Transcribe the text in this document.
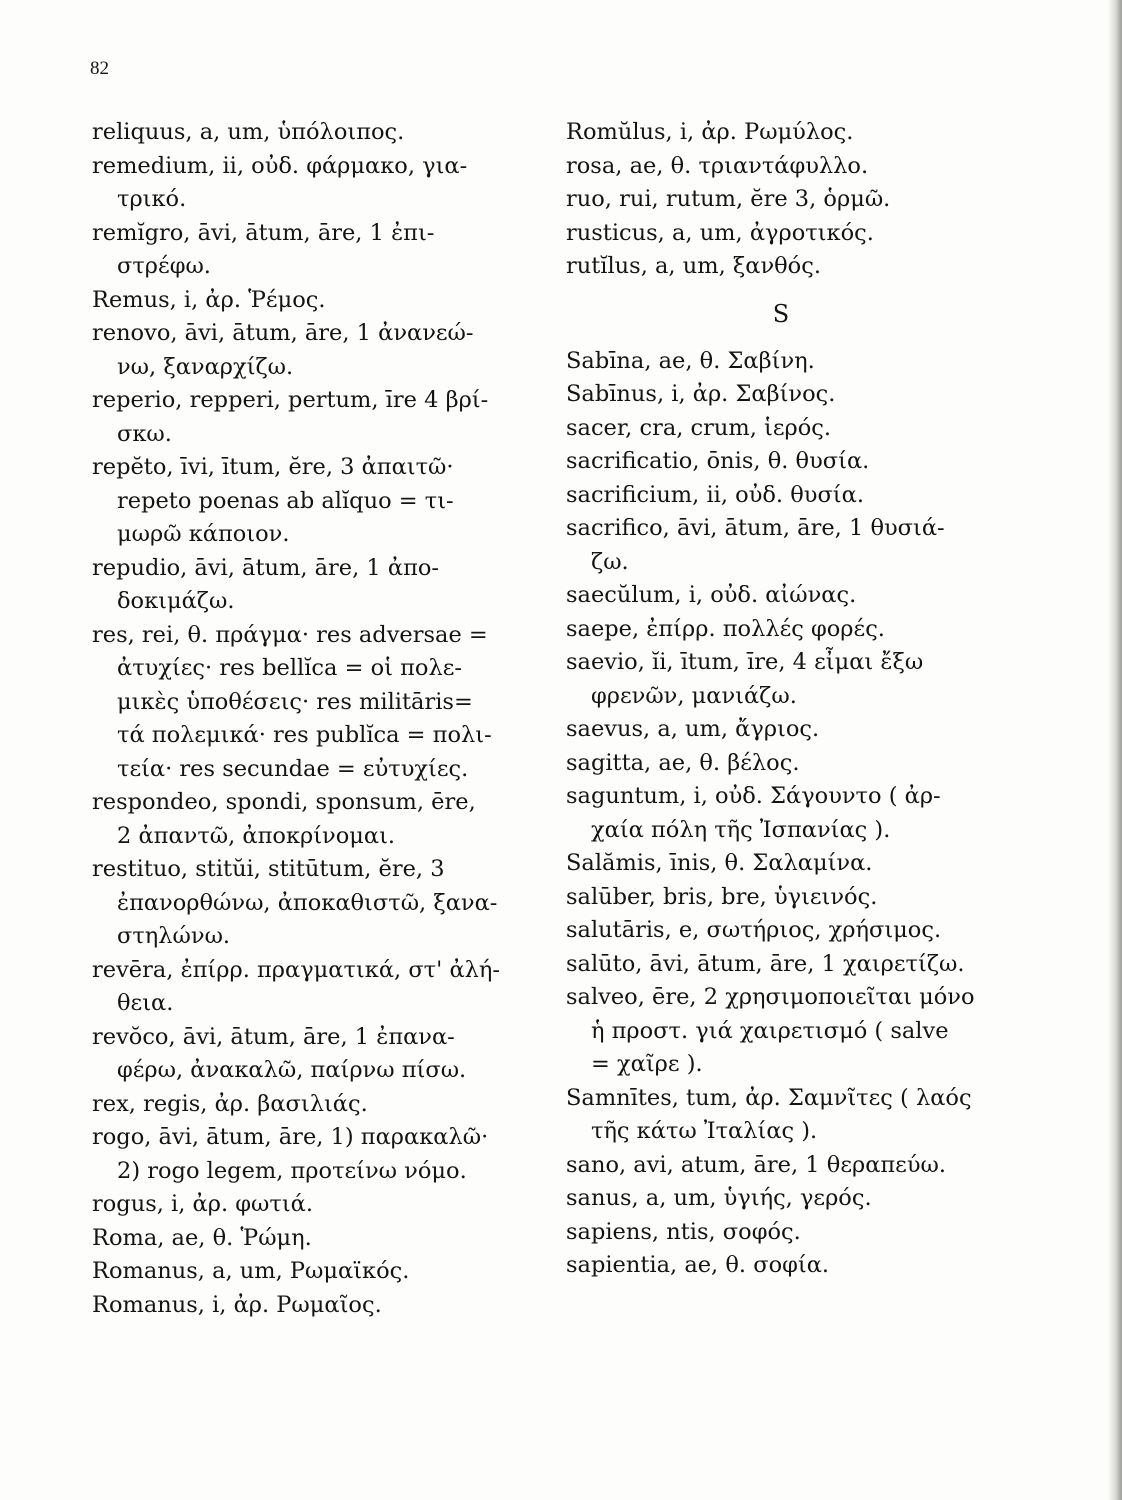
82
reliquus, a, um, ὑπόλοιπος.
remedium, ii, οὐδ. φάρμακο, για-
τρικό.
remĭgro, āvi, ātum, āre, 1 ἐπι-
στρέφω.
Remus, i, ἀρ. Ῥέμος.
renovo, āvi, ātum, āre, 1 ἀνανεώ-
νω, ξαναρχίζω.
reperio, repperi, pertum, īre 4 βρί-
σκω.
repĕto, īvi, ītum, ĕre, 3 ἀπαιτῶ·
repeto poenas ab alĭquo = τι-
μωρῶ κάποιον.
repudio, āvi, ātum, āre, 1 ἀπο-
δοκιμάζω.
res, rei, θ. πράγμα· res adversae =
ἀτυχίες· res bellĭca = οἱ πολε-
μικὲς ὑποθέσεις· res militāris=
τά πολεμικά· res publĭca = πολι-
τεία· res secundae = εὐτυχίες.
respondeo, spondi, sponsum, ēre,
2 ἀπαντῶ, ἀποκρίνομαι.
restituo, stitŭi, stitūtum, ĕre, 3
ἐπανορθώνω, ἀποκαθιστῶ, ξανα-
στηλώνω.
revēra, ἐπίρρ. πραγματικά, στ' ἀλή-
θεια.
revŏco, āvi, ātum, āre, 1 ἐπανα-
φέρω, ἀνακαλῶ, παίρνω πίσω.
rex, regis, ἀρ. βασιλιάς.
rogo, āvi, ātum, āre, 1) παρακαλῶ·
2) rogo legem, προτείνω νόμο.
rogus, i, ἀρ. φωτιά.
Roma, ae, θ. Ῥώμη.
Romanus, a, um, Ρωμαϊκός.
Romanus, i, ἀρ. Ρωμαῖος.
Romŭlus, i, ἀρ. Ρωμύλος.
rosa, ae, θ. τριαντάφυλλο.
ruo, rui, rutum, ĕre 3, ὁρμῶ.
rusticus, a, um, ἀγροτικός.
rutĭlus, a, um, ξανθός.
S
Sabīna, ae, θ. Σαβίνη.
Sabīnus, i, ἀρ. Σαβίνος.
sacer, cra, crum, ἱερός.
sacrificatio, ōnis, θ. θυσία.
sacrificium, ii, οὐδ. θυσία.
sacrifico, āvi, ātum, āre, 1 θυσιά-
ζω.
saecŭlum, i, οὐδ. αἰώνας.
saepe, ἐπίρρ. πολλές φορές.
saevio, ĭi, ītum, īre, 4 εἶμαι ἔξω
φρενῶν, μανιάζω.
saevus, a, um, ἄγριος.
sagitta, ae, θ. βέλος.
saguntum, i, οὐδ. Σάγουντο ( ἀρ-
χαία πόλη τῆς Ἰσπανίας ).
Salămis, īnis, θ. Σαλαμίνα.
salūber, bris, bre, ὑγιεινός.
salutāris, e, σωτήριος, χρήσιμος.
salūto, āvi, ātum, āre, 1 χαιρετίζω.
salveo, ēre, 2 χρησιμοποιεῖται μόνο
ἡ προστ. γιά χαιρετισμό ( salve
= χαῖρε ).
Samnītes, tum, ἀρ. Σαμνῖτες ( λαός
τῆς κάτω Ἰταλίας ).
sano, avi, atum, āre, 1 θεραπεύω.
sanus, a, um, ὑγιής, γερός.
sapiens, ntis, σοφός.
sapientia, ae, θ. σοφία.
